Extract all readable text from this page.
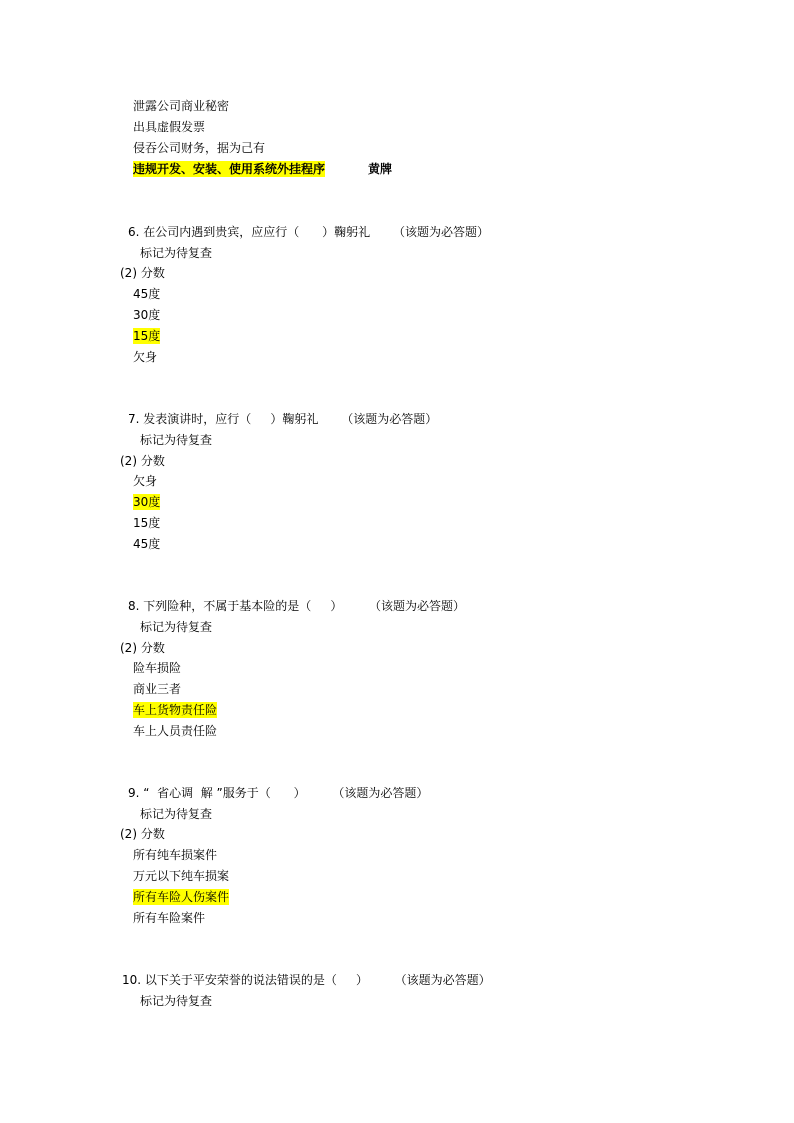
泄露公司商业秘密
出具虚假发票
侵吞公司财务，据为己有
违规开发、安装、使用系统外挂程序	黄牌
6. 在公司内遇到贵宾，应应行（      ）鞠躬礼      （该题为必答题）
标记为待复查
(2) 分数
45度
30度
15度
欠身
7. 发表演讲时，应行（     ）鞠躬礼      （该题为必答题）
标记为待复查
(2) 分数
欠身
30度
15度
45度
8. 下列险种，不属于基本险的是（     ）       （该题为必答题）
标记为待复查
(2) 分数
险车损险
商业三者
车上货物责任险
车上人员责任险
9. “  省心调  解 ”服务于（      ）       （该题为必答题）
标记为待复查
(2) 分数
所有纯车损案件
万元以下纯车损案
所有车险人伤案件
所有车险案件
10. 以下关于平安荣誉的说法错误的是（     ）       （该题为必答题）
标记为待复查
